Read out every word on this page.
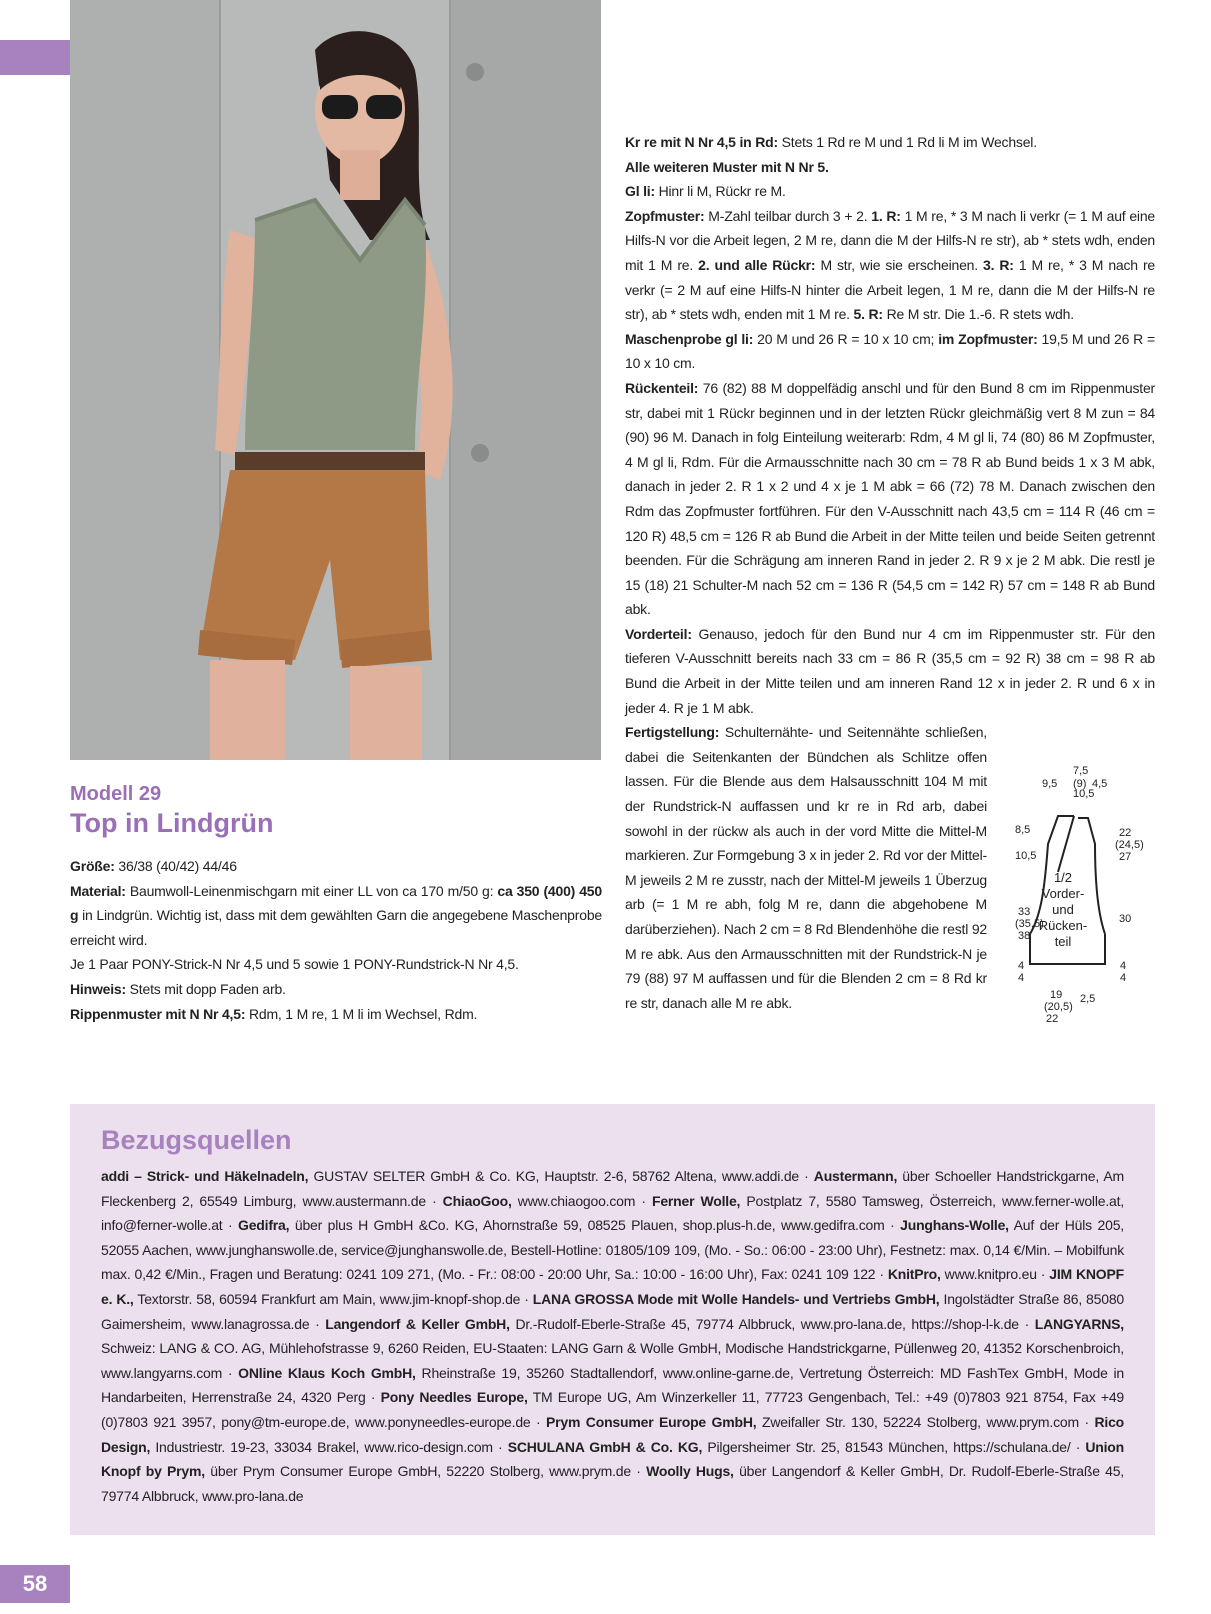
Modell 29
Top in Lindgrün

Größe: 36/38 (40/42) 44/46

Material: Baumwoll-Leinenmischgarn mit einer LL von ca 170 m/50 g: ca 350 (400) 450 g in Lindgrün. Wichtig ist, dass mit dem gewählten Garn die angegebene Maschenprobe erreicht wird.

Je 1 Paar PONY-Strick-N Nr 4,5 und 5 sowie 1 PONY-Rundstrick-N Nr 4,5.

Hinweis: Stets mit dopp Faden arb.

Rippenmuster mit N Nr 4,5: Rdm, 1 M re, 1 M li im Wechsel, Rdm.

Kr re mit N Nr 4,5 in Rd: Stets 1 Rd re M und 1 Rd li M im Wechsel.

Alle weiteren Muster mit N Nr 5.

Gl li: Hinr li M, Rückr re M.

Zopfmuster: M-Zahl teilbar durch 3 + 2. 1. R: 1 M re, * 3 M nach li verkr (= 1 M auf eine Hilfs-N vor die Arbeit legen, 2 M re, dann die M der Hilfs-N re str), ab * stets wdh, enden mit 1 M re. 2. und alle Rückr: M str, wie sie erscheinen. 3. R: 1 M re, * 3 M nach re verkr (= 2 M auf eine Hilfs-N hinter die Arbeit legen, 1 M re, dann die M der Hilfs-N re str), ab * stets wdh, enden mit 1 M re. 5. R: Re M str. Die 1.-6. R stets wdh.

Maschenprobe gl li: 20 M und 26 R = 10 x 10 cm; im Zopfmuster: 19,5 M und 26 R = 10 x 10 cm.

Rückenteil: 76 (82) 88 M doppelfädig anschl und für den Bund 8 cm im Rippenmuster str, dabei mit 1 Rückr beginnen und in der letzten Rückr gleichmäßig vert 8 M zun = 84 (90) 96 M. Danach in folg Einteilung weiterarb: Rdm, 4 M gl li, 74 (80) 86 M Zopfmuster, 4 M gl li, Rdm. Für die Armausschnitte nach 30 cm = 78 R ab Bund beids 1 x 3 M abk, danach in jeder 2. R 1 x 2 und 4 x je 1 M abk = 66 (72) 78 M. Danach zwischen den Rdm das Zopfmuster fortführen. Für den V-Ausschnitt nach 43,5 cm = 114 R (46 cm = 120 R) 48,5 cm = 126 R ab Bund die Arbeit in der Mitte teilen und beide Seiten getrennt beenden. Für die Schrägung am inneren Rand in jeder 2. R 9 x je 2 M abk. Die restl je 15 (18) 21 Schulter-M nach 52 cm = 136 R (54,5 cm = 142 R) 57 cm = 148 R ab Bund abk.

Vorderteil: Genauso, jedoch für den Bund nur 4 cm im Rippenmuster str. Für den tieferen V-Ausschnitt bereits nach 33 cm = 86 R (35,5 cm = 92 R) 38 cm = 98 R ab Bund die Arbeit in der Mitte teilen und am inneren Rand 12 x in jeder 2. R und 6 x in jeder 4. R je 1 M abk.

Fertigstellung: Schulternähte- und Seitennähte schließen, dabei die Seitenkanten der Bündchen als Schlitze offen lassen. Für die Blende aus dem Halsausschnitt 104 M mit der Rundstrick-N auffassen und kr re in Rd arb, dabei sowohl in der rückw als auch in der vord Mitte die Mittel-M markieren. Zur Formgebung 3 x in jeder 2. Rd vor der Mittel-M jeweils 2 M re zusstr, nach der Mittel-M jeweils 1 Überzug arb (= 1 M re abh, folg M re, dann die abgehobene M darüberziehen). Nach 2 cm = 8 Rd Blendenhöhe die restl 92 M re abk. Aus den Armausschnitten mit der Rundstrick-N je 79 (88) 97 M auffassen und für die Blenden 2 cm = 8 Rd kr re str, danach alle M re abk.

7,5
9,5 (9) 4,5
10,5
8,5
10,5
33
(35,5)
38
4
4
22
(24,5)
27
30
4
4
19
(20,5)
2,5
1/2
Vorder-
und
Rücken-
teil
22
Bezugsquellen
addi – Strick- und Häkelnadeln, GUSTAV SELTER GmbH & Co. KG, Hauptstr. 2-6, 58762 Altena, www.addi.de · Austermann, über Schoeller Handstrickgarne, Am Fleckenberg 2, 65549 Limburg, www.austermann.de · ChiaoGoo, www.chiaogoo.com · Ferner Wolle, Postplatz 7, 5580 Tamsweg, Österreich, www.ferner-wolle.at, info@ferner-wolle.at · Gedifra, über plus H GmbH &Co. KG, Ahornstraße 59, 08525 Plauen, shop.plus-h.de, www.gedifra.com · Junghans-Wolle, Auf der Hüls 205, 52055 Aachen, www.junghanswolle.de, service@junghanswolle.de, Bestell-Hotline: 01805/109 109, (Mo. - So.: 06:00 - 23:00 Uhr), Festnetz: max. 0,14 €/Min. – Mobilfunk max. 0,42 €/Min., Fragen und Beratung: 0241 109 271, (Mo. - Fr.: 08:00 - 20:00 Uhr, Sa.: 10:00 - 16:00 Uhr), Fax: 0241 109 122 · KnitPro, www.knitpro.eu · JIM KNOPF e. K., Textorstr. 58, 60594 Frankfurt am Main, www.jim-knopf-shop.de · LANA GROSSA Mode mit Wolle Handels- und Vertriebs GmbH, Ingolstädter Straße 86, 85080 Gaimersheim, www.lanagrossa.de · Langendorf & Keller GmbH, Dr.-Rudolf-Eberle-Straße 45, 79774 Albbruck, www.pro-lana.de, https://shop-l-k.de · LANGYARNS, Schweiz: LANG & CO. AG, Mühlehofstrasse 9, 6260 Reiden, EU-Staaten: LANG Garn & Wolle GmbH, Modische Handstrickgarne, Püllenweg 20, 41352 Korschenbroich, www.langyarns.com · ONline Klaus Koch GmbH, Rheinstraße 19, 35260 Stadtallendorf, www.online-garne.de, Vertretung Österreich: MD FashTex GmbH, Mode in Handarbeiten, Herrenstraße 24, 4320 Perg · Pony Needles Europe, TM Europe UG, Am Winzerkeller 11, 77723 Gengenbach, Tel.: +49 (0)7803 921 8754, Fax +49 (0)7803 921 3957, pony@tm-europe.de, www.ponyneedles-europe.de · Prym Consumer Europe GmbH, Zweifaller Str. 130, 52224 Stolberg, www.prym.com · Rico Design, Industriestr. 19-23, 33034 Brakel, www.rico-design.com · SCHULANA GmbH & Co. KG, Pilgersheimer Str. 25, 81543 München, https://schulana.de/ · Union Knopf by Prym, über Prym Consumer Europe GmbH, 52220 Stolberg, www.prym.de · Woolly Hugs, über Langendorf & Keller GmbH, Dr. Rudolf-Eberle-Straße 45, 79774 Albbruck, www.pro-lana.de
58
